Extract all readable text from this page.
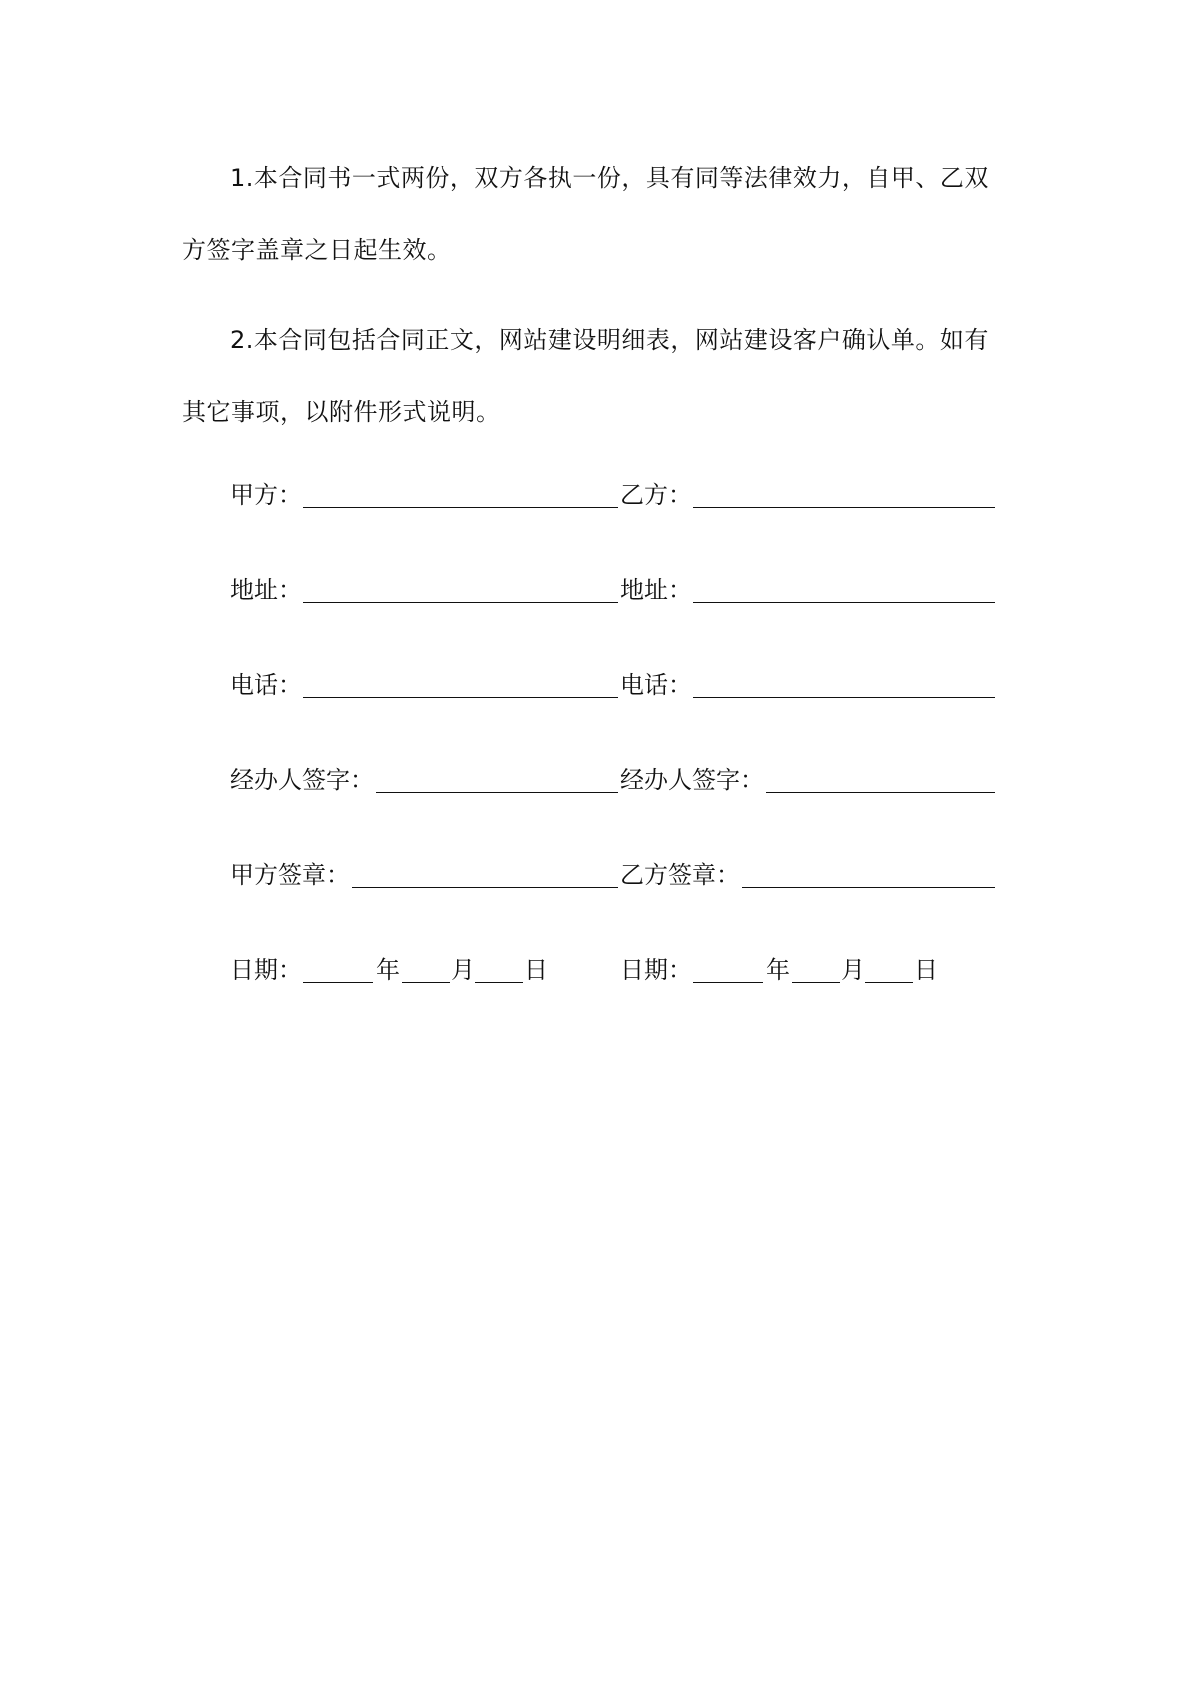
1.本合同书一式两份，双方各执一份，具有同等法律效力，自甲、乙双方签字盖章之日起生效。

2.本合同包括合同正文，网站建设明细表，网站建设客户确认单。如有其它事项，以附件形式说明。

甲方：	乙方：
地址：	地址：
电话：	电话：
经办人签字：	经办人签字：
甲方签章：	乙方签章：
日期：	年 月 日	日期：	年 月 日
